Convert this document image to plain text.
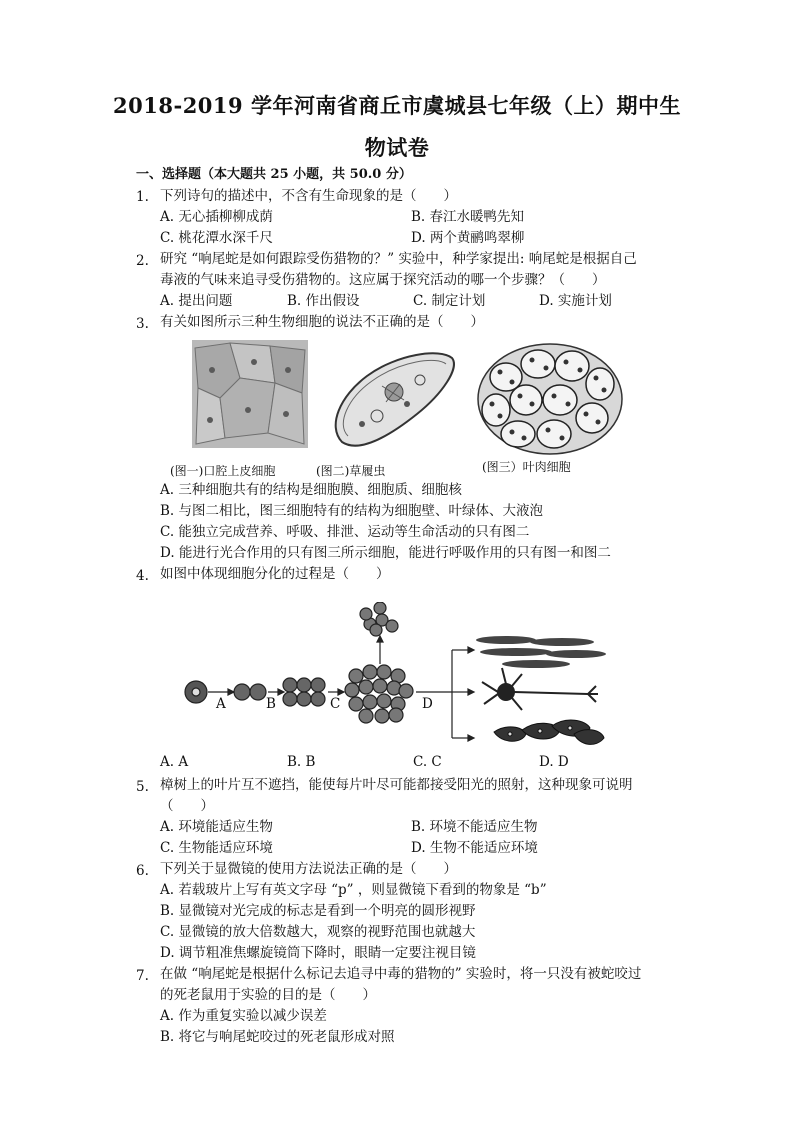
2018-2019 学年河南省商丘市虞城县七年级（上）期中生
物试卷
一、选择题（本大题共 25 小题，共 50.0 分）
1. 下列诗句的描述中，不含有生命现象的是（　　）
A. 无心插柳柳成荫	B. 春江水暖鸭先知
C. 桃花潭水深千尺	D. 两个黄鹂鸣翠柳
2. 研究 “响尾蛇是如何跟踪受伤猎物的？” 实验中，种学家提出: 响尾蛇是根据自己
毒液的气味来追寻受伤猎物的。这应属于探究活动的哪一个步骤？（　　）
A. 提出问题	B. 作出假设	C. 制定计划	D. 实施计划
3. 有关如图所示三种生物细胞的说法不正确的是（　　）
(图一)口腔上皮细胞	(图二)草履虫	(图三）叶肉细胞
A. 三种细胞共有的结构是细胞膜、细胞质、细胞核
B. 与图二相比，图三细胞特有的结构为细胞壁、叶绿体、大液泡
C. 能独立完成营养、呼吸、排泄、运动等生命活动的只有图二
D. 能进行光合作用的只有图三所示细胞，能进行呼吸作用的只有图一和图二
4. 如图中体现细胞分化的过程是（　　）
A	B	C	D
A. A	B. B	C. C	D. D
5. 樟树上的叶片互不遮挡，能使每片叶尽可能都接受阳光的照射，这种现象可说明
（　　）
A. 环境能适应生物	B. 环境不能适应生物
C. 生物能适应环境	D. 生物不能适应环境
6. 下列关于显微镜的使用方法说法正确的是（　　）
A. 若载玻片上写有英文字母 “p” ，则显微镜下看到的物象是 “b”
B. 显微镜对光完成的标志是看到一个明亮的圆形视野
C. 显微镜的放大倍数越大，观察的视野范围也就越大
D. 调节粗准焦螺旋镜筒下降时，眼睛一定要注视目镜
7. 在做 “响尾蛇是根据什么标记去追寻中毒的猎物的” 实验时，将一只没有被蛇咬过
的死老鼠用于实验的目的是（　　）
A. 作为重复实验以减少误差
B. 将它与响尾蛇咬过的死老鼠形成对照
